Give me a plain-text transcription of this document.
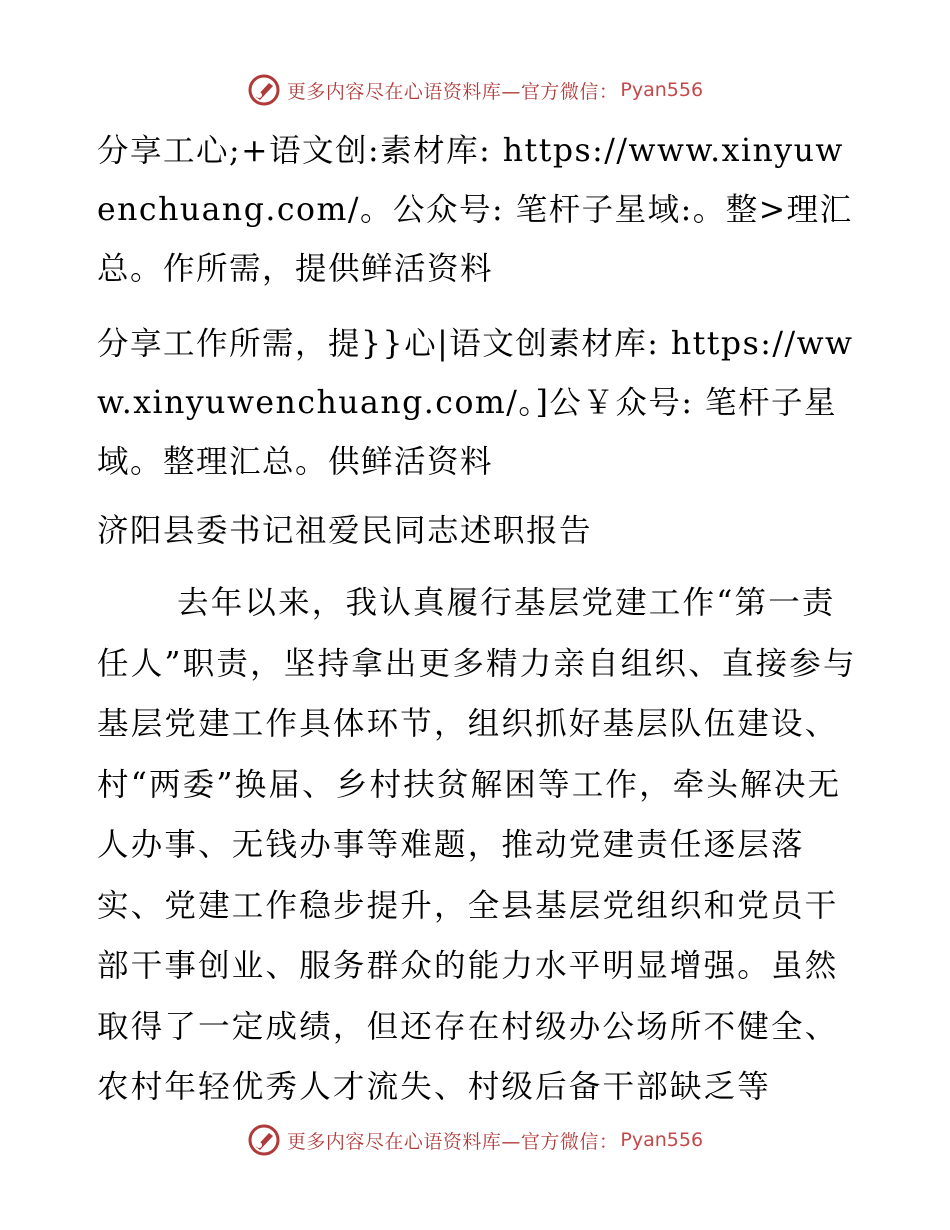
更多内容尽在心语资料库—官方微信： Pyan556

分享工心;+语文创:素材库: https://www.xinyuwenchuang.com/。公众号: 笔杆子星域:。整>理汇总。作所需，提供鲜活资料

分享工作所需，提}}心|语文创素材库: https://www.xinyuwenchuang.com/。]公￥众号: 笔杆子星域。整理汇总。供鲜活资料

济阳县委书记祖爱民同志述职报告

去年以来，我认真履行基层党建工作“第一责任人”职责，坚持拿出更多精力亲自组织、直接参与基层党建工作具体环节，组织抓好基层队伍建设、村“两委”换届、乡村扶贫解困等工作，牵头解决无人办事、无钱办事等难题，推动党建责任逐层落实、党建工作稳步提升，全县基层党组织和党员干部干事创业、服务群众的能力水平明显增强。虽然取得了一定成绩，但还存在村级办公场所不健全、农村年轻优秀人才流失、村级后备干部缺乏等

更多内容尽在心语资料库—官方微信： Pyan556
